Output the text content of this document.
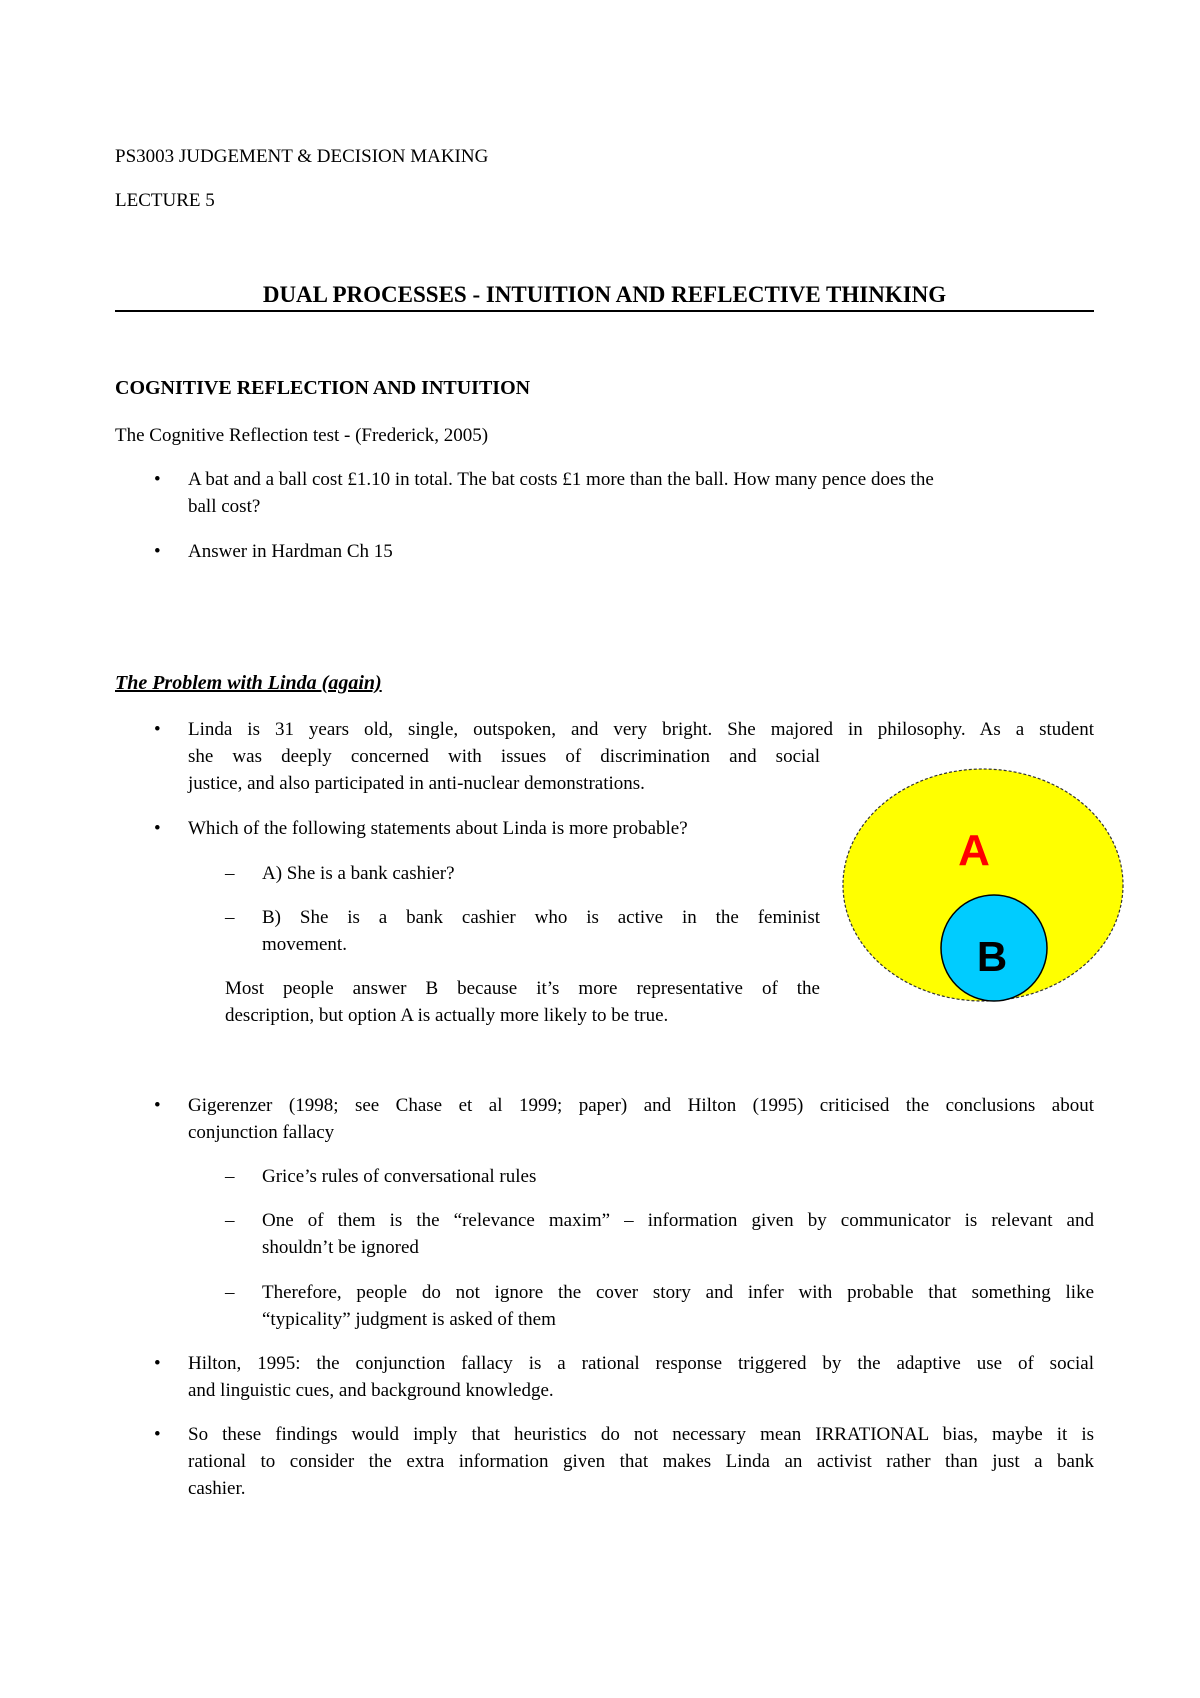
PS3003 JUDGEMENT & DECISION MAKING
LECTURE 5
DUAL PROCESSES - INTUITION AND REFLECTIVE THINKING
COGNITIVE REFLECTION AND INTUITION
The Cognitive Reflection test - (Frederick, 2005)
• A bat and a ball cost £1.10 in total. The bat costs £1 more than the ball. How many pence does the
ball cost?
• Answer in Hardman Ch 15
The Problem with Linda (again)
• Linda is 31 years old, single, outspoken, and very bright. She majored in philosophy. As a student
she was deeply concerned with issues of discrimination and social
justice, and also participated in anti-nuclear demonstrations.
• Which of the following statements about Linda is more probable?
– A) She is a bank cashier?
– B) She is a bank cashier who is active in the feminist
movement.
Most people answer B because it’s more representative of the
description, but option A is actually more likely to be true.
A
B
• Gigerenzer (1998; see Chase et al 1999; paper) and Hilton (1995) criticised the conclusions about
conjunction fallacy
– Grice’s rules of conversational rules
– One of them is the “relevance maxim” – information given by communicator is relevant and
shouldn’t be ignored
– Therefore, people do not ignore the cover story and infer with probable that something like
“typicality” judgment is asked of them
• Hilton, 1995: the conjunction fallacy is a rational response triggered by the adaptive use of social
and linguistic cues, and background knowledge.
• So these findings would imply that heuristics do not necessary mean IRRATIONAL bias, maybe it is
rational to consider the extra information given that makes Linda an activist rather than just a bank
cashier.
